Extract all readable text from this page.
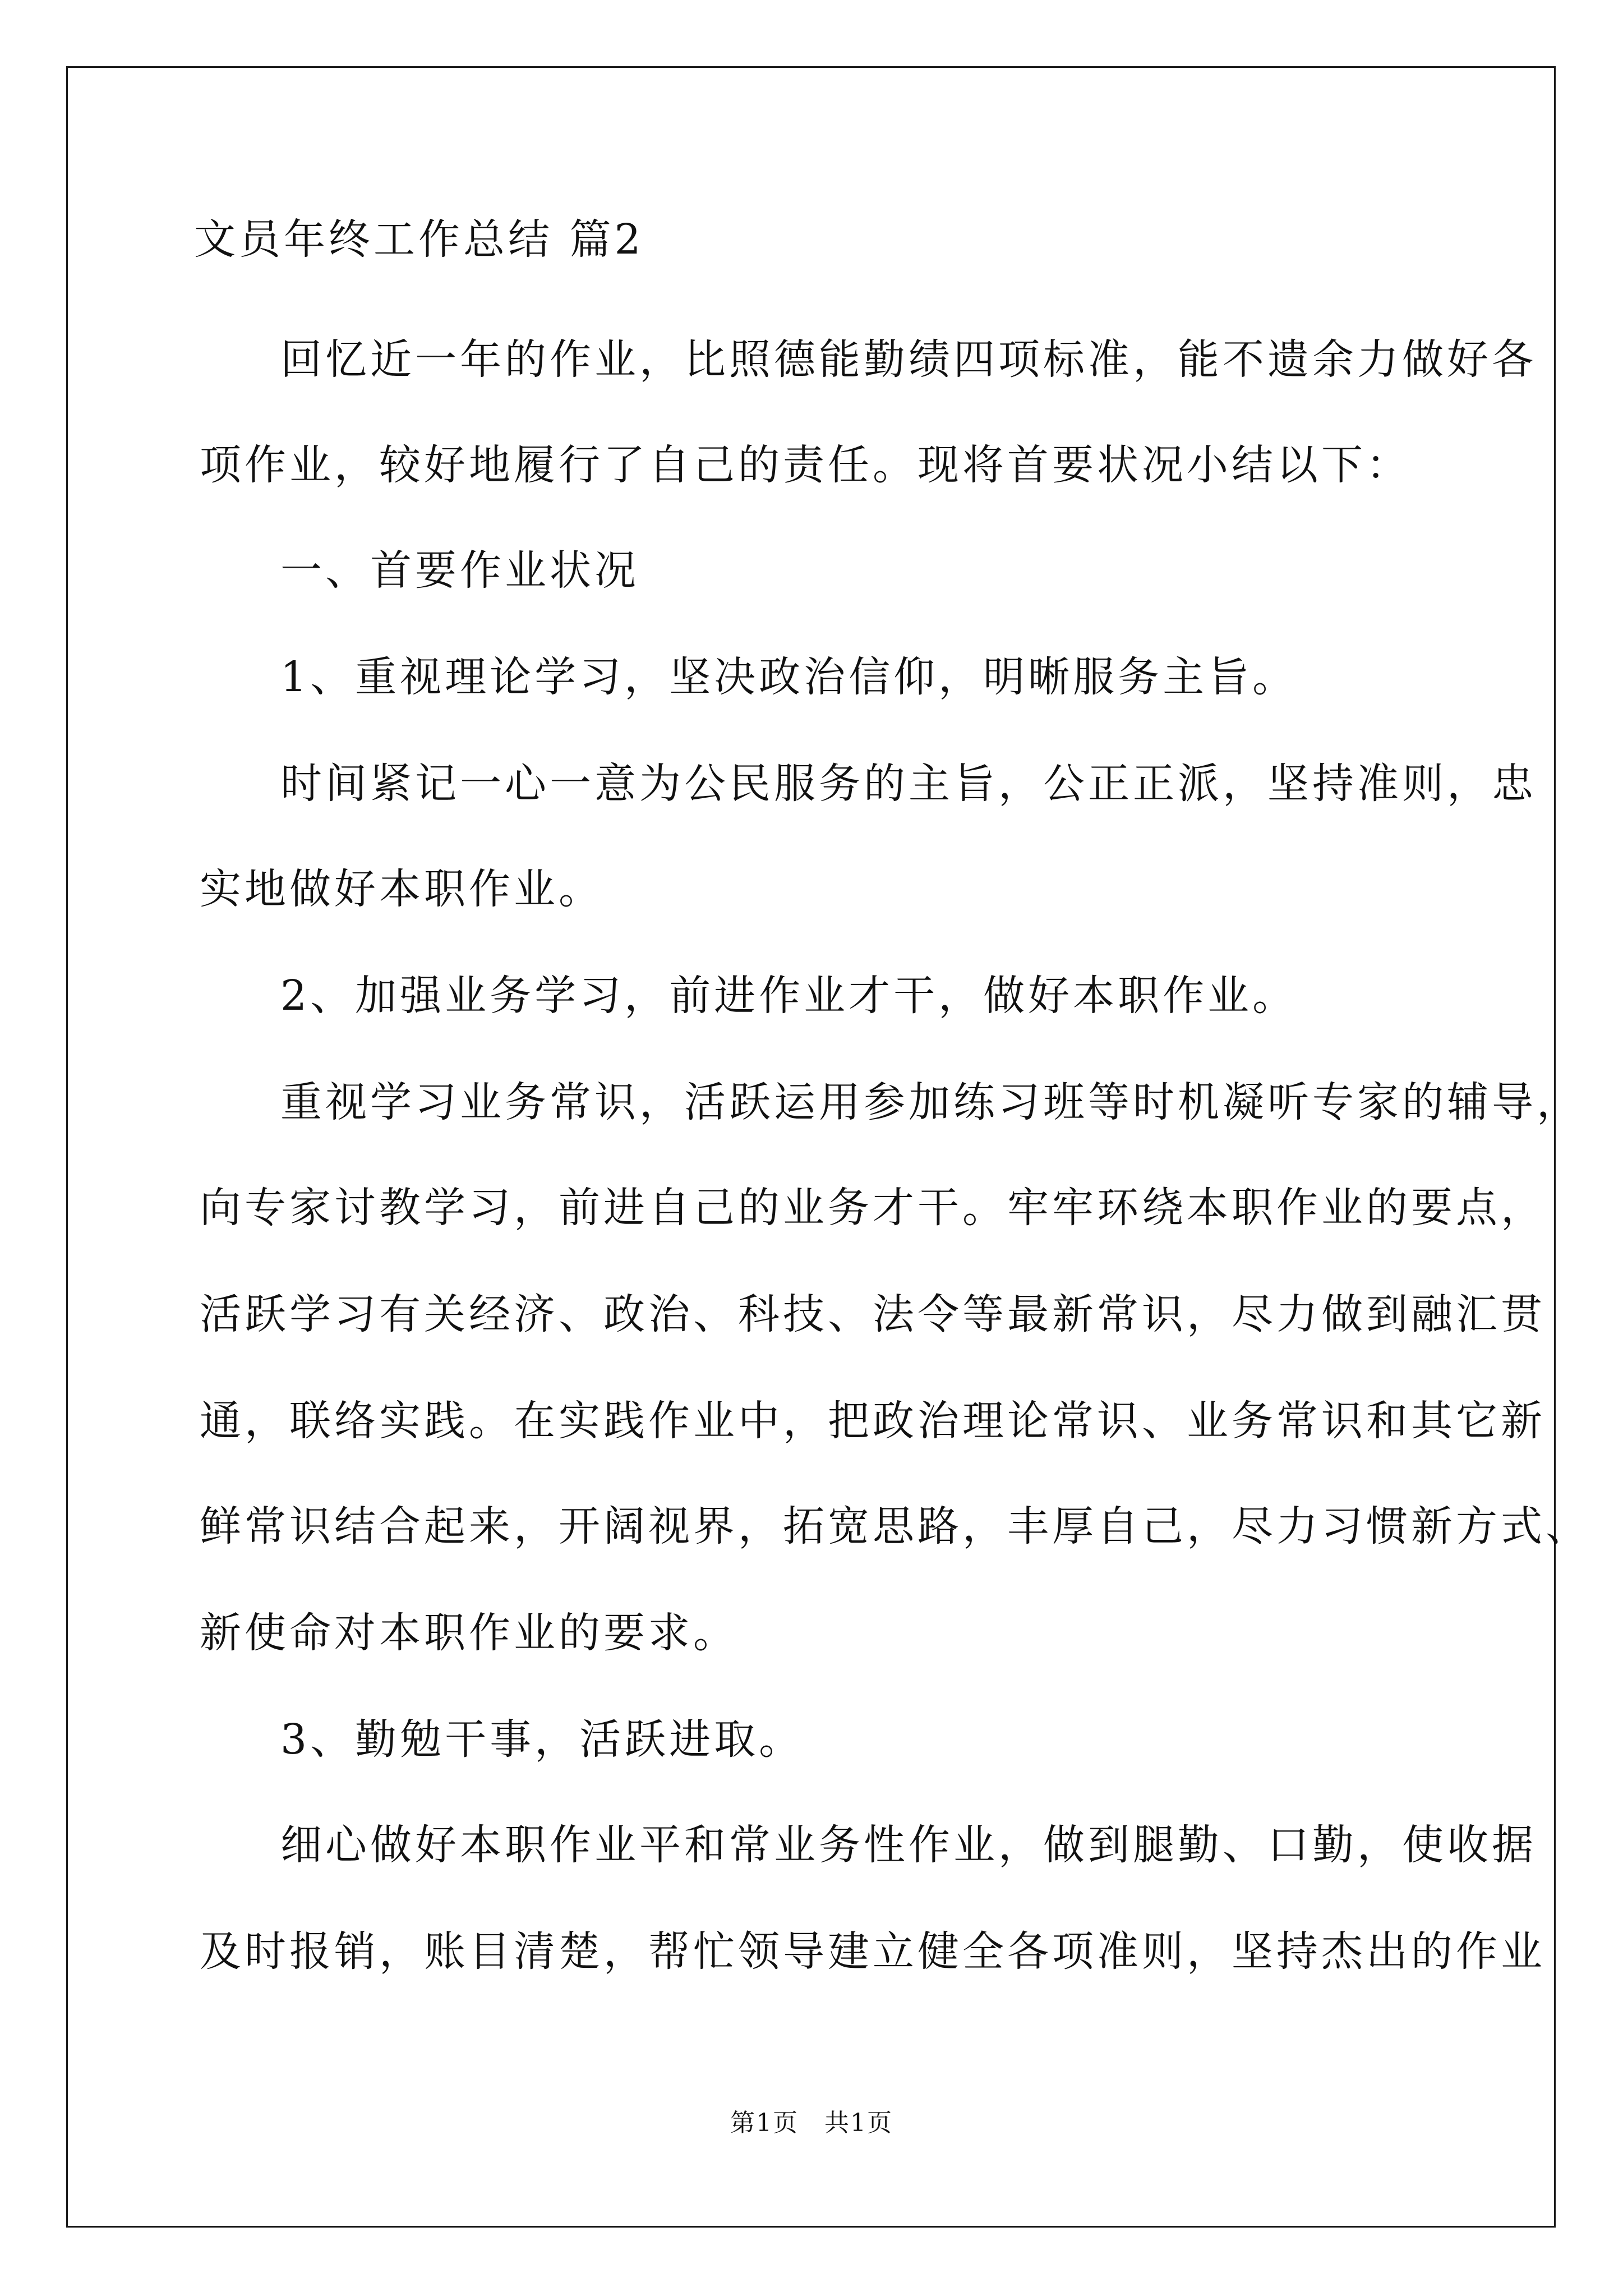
文员年终工作总结 篇2
回忆近一年的作业，比照德能勤绩四项标准，能不遗余力做好各
项作业，较好地履行了自己的责任。现将首要状况小结以下：
一、首要作业状况
1、重视理论学习，坚决政治信仰，明晰服务主旨。
时间紧记一心一意为公民服务的主旨，公正正派，坚持准则，忠
实地做好本职作业。
2、加强业务学习，前进作业才干，做好本职作业。
重视学习业务常识，活跃运用参加练习班等时机凝听专家的辅导，
向专家讨教学习，前进自己的业务才干。牢牢环绕本职作业的要点，
活跃学习有关经济、政治、科技、法令等最新常识，尽力做到融汇贯
通，联络实践。在实践作业中，把政治理论常识、业务常识和其它新
鲜常识结合起来，开阔视界，拓宽思路，丰厚自己，尽力习惯新方式、
新使命对本职作业的要求。
3、勤勉干事，活跃进取。
细心做好本职作业平和常业务性作业，做到腿勤、口勤，使收据
及时报销，账目清楚，帮忙领导建立健全各项准则，坚持杰出的作业
第1页　共1页
